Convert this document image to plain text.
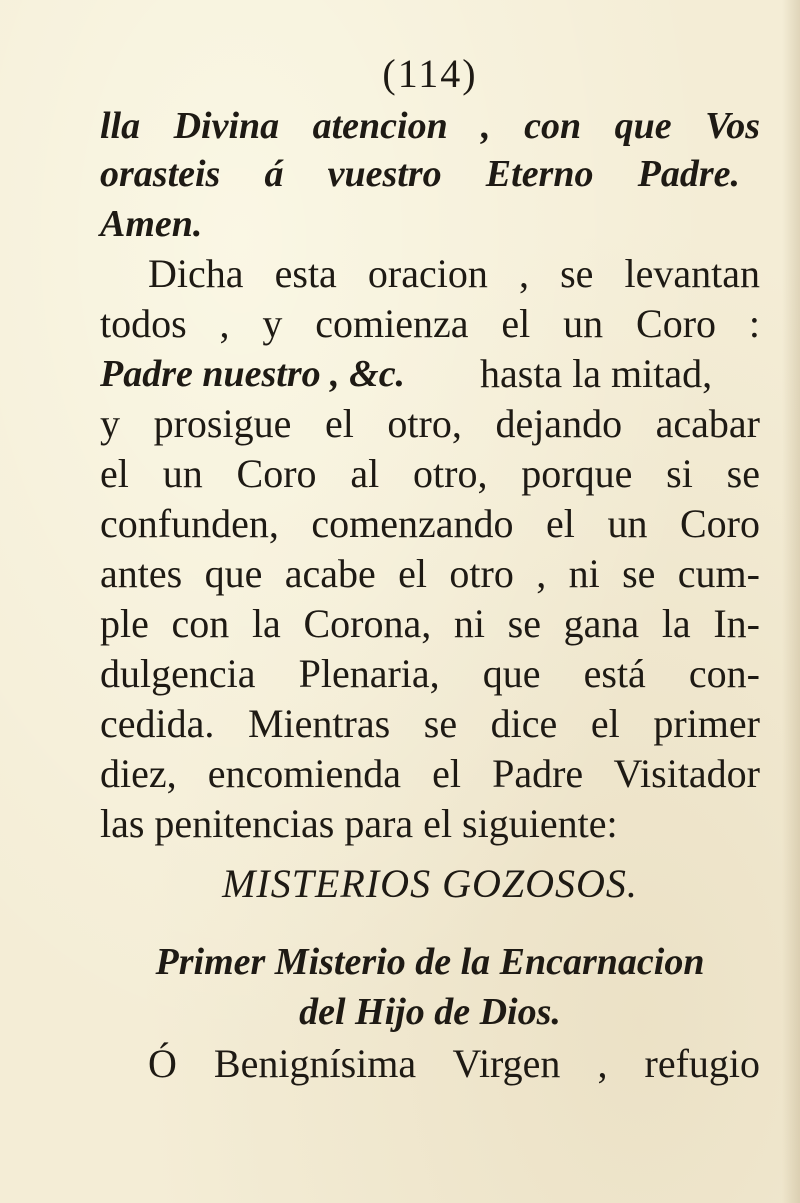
(114)
lla Divina atencion , con que Vos
orasteis á vuestro Eterno Padre.
Amen.
Dicha esta oracion , se levantan
todos , y comienza el un Coro :
Padre nuestro , &c. hasta la mitad,
y prosigue el otro, dejando acabar
el un Coro al otro, porque si se
confunden, comenzando el un Coro
antes que acabe el otro , ni se cum-
ple con la Corona, ni se gana la In-
dulgencia Plenaria, que está con-
cedida. Mientras se dice el primer
diez, encomienda el Padre Visitador
las penitencias para el siguiente:
MISTERIOS GOZOSOS.
Primer Misterio de la Encarnacion
del Hijo de Dios.
Ó Benignísima Virgen , refugio
